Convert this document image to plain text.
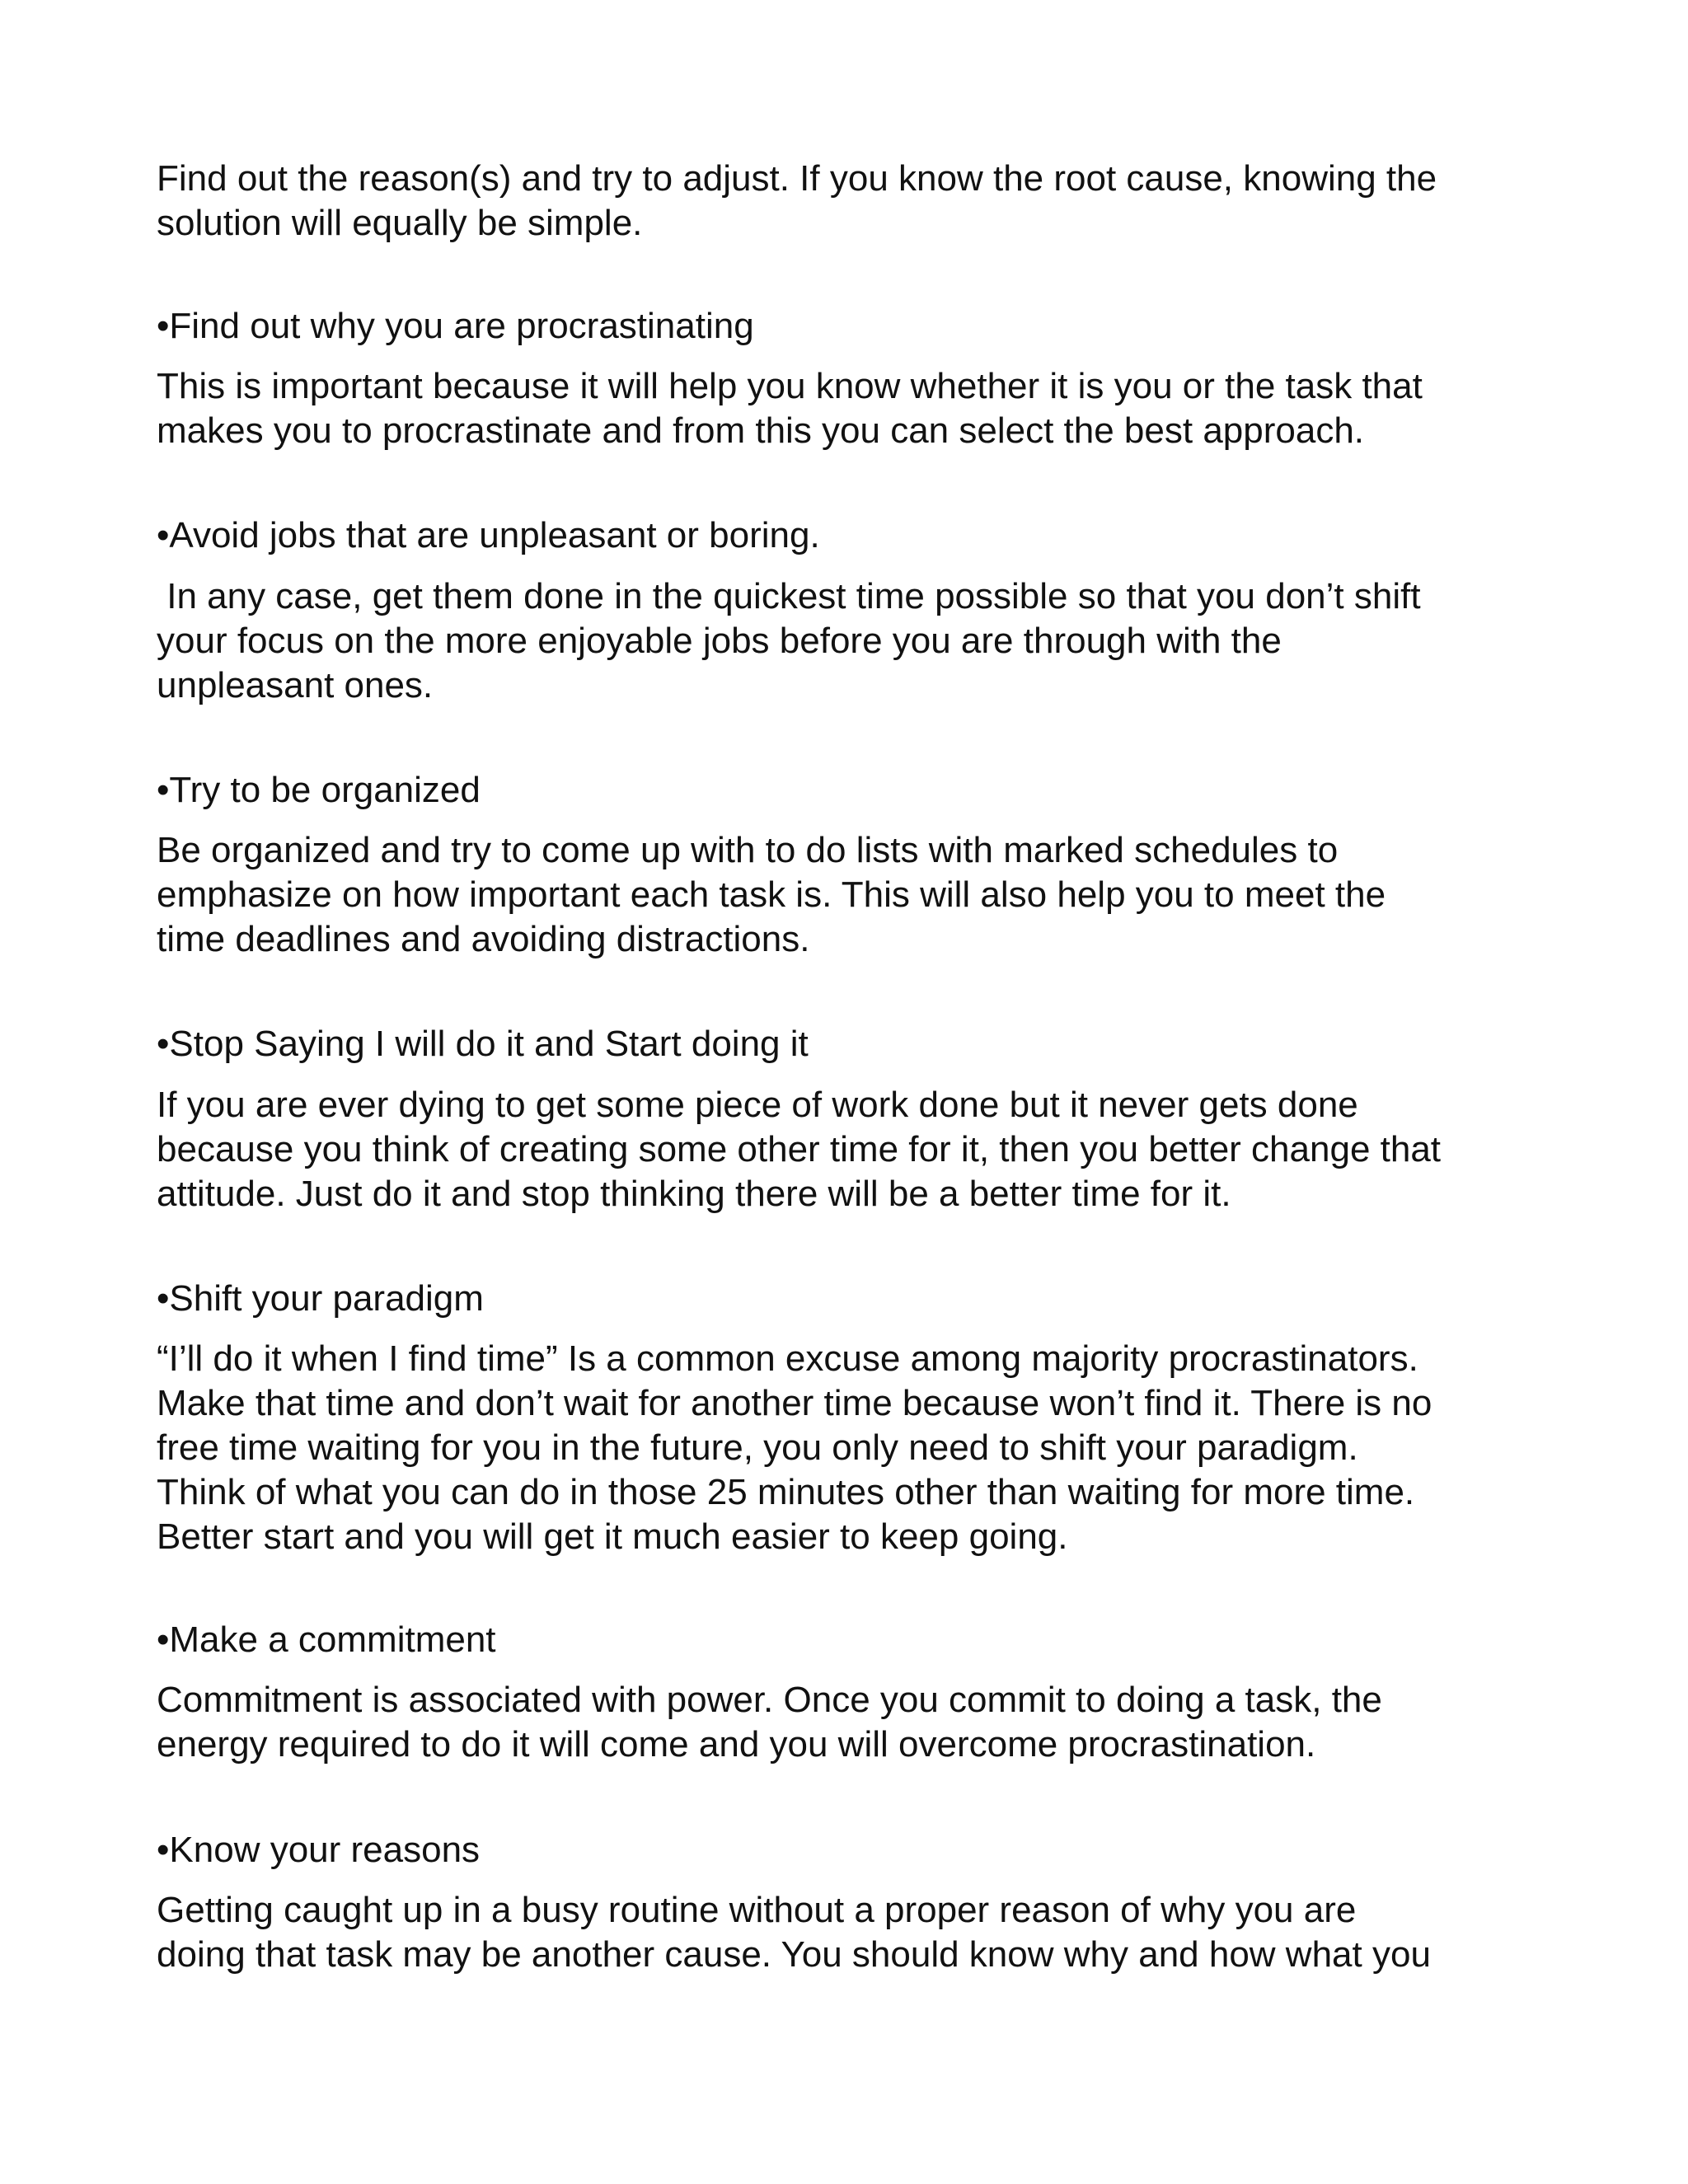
Find out the reason(s) and try to adjust. If you know the root cause, knowing the
solution will equally be simple.

•Find out why you are procrastinating

This is important because it will help you know whether it is you or the task that
makes you to procrastinate and from this you can select the best approach.

•Avoid jobs that are unpleasant or boring.

In any case, get them done in the quickest time possible so that you don’t shift
your focus on the more enjoyable jobs before you are through with the
unpleasant ones.

•Try to be organized

Be organized and try to come up with to do lists with marked schedules to
emphasize on how important each task is. This will also help you to meet the
time deadlines and avoiding distractions.

•Stop Saying I will do it and Start doing it

If you are ever dying to get some piece of work done but it never gets done
because you think of creating some other time for it, then you better change that
attitude. Just do it and stop thinking there will be a better time for it.

•Shift your paradigm

“I’ll do it when I find time” Is a common excuse among majority procrastinators.
Make that time and don’t wait for another time because won’t find it. There is no
free time waiting for you in the future, you only need to shift your paradigm.
Think of what you can do in those 25 minutes other than waiting for more time.
Better start and you will get it much easier to keep going.

•Make a commitment

Commitment is associated with power. Once you commit to doing a task, the
energy required to do it will come and you will overcome procrastination.

•Know your reasons

Getting caught up in a busy routine without a proper reason of why you are
doing that task may be another cause. You should know why and how what you
